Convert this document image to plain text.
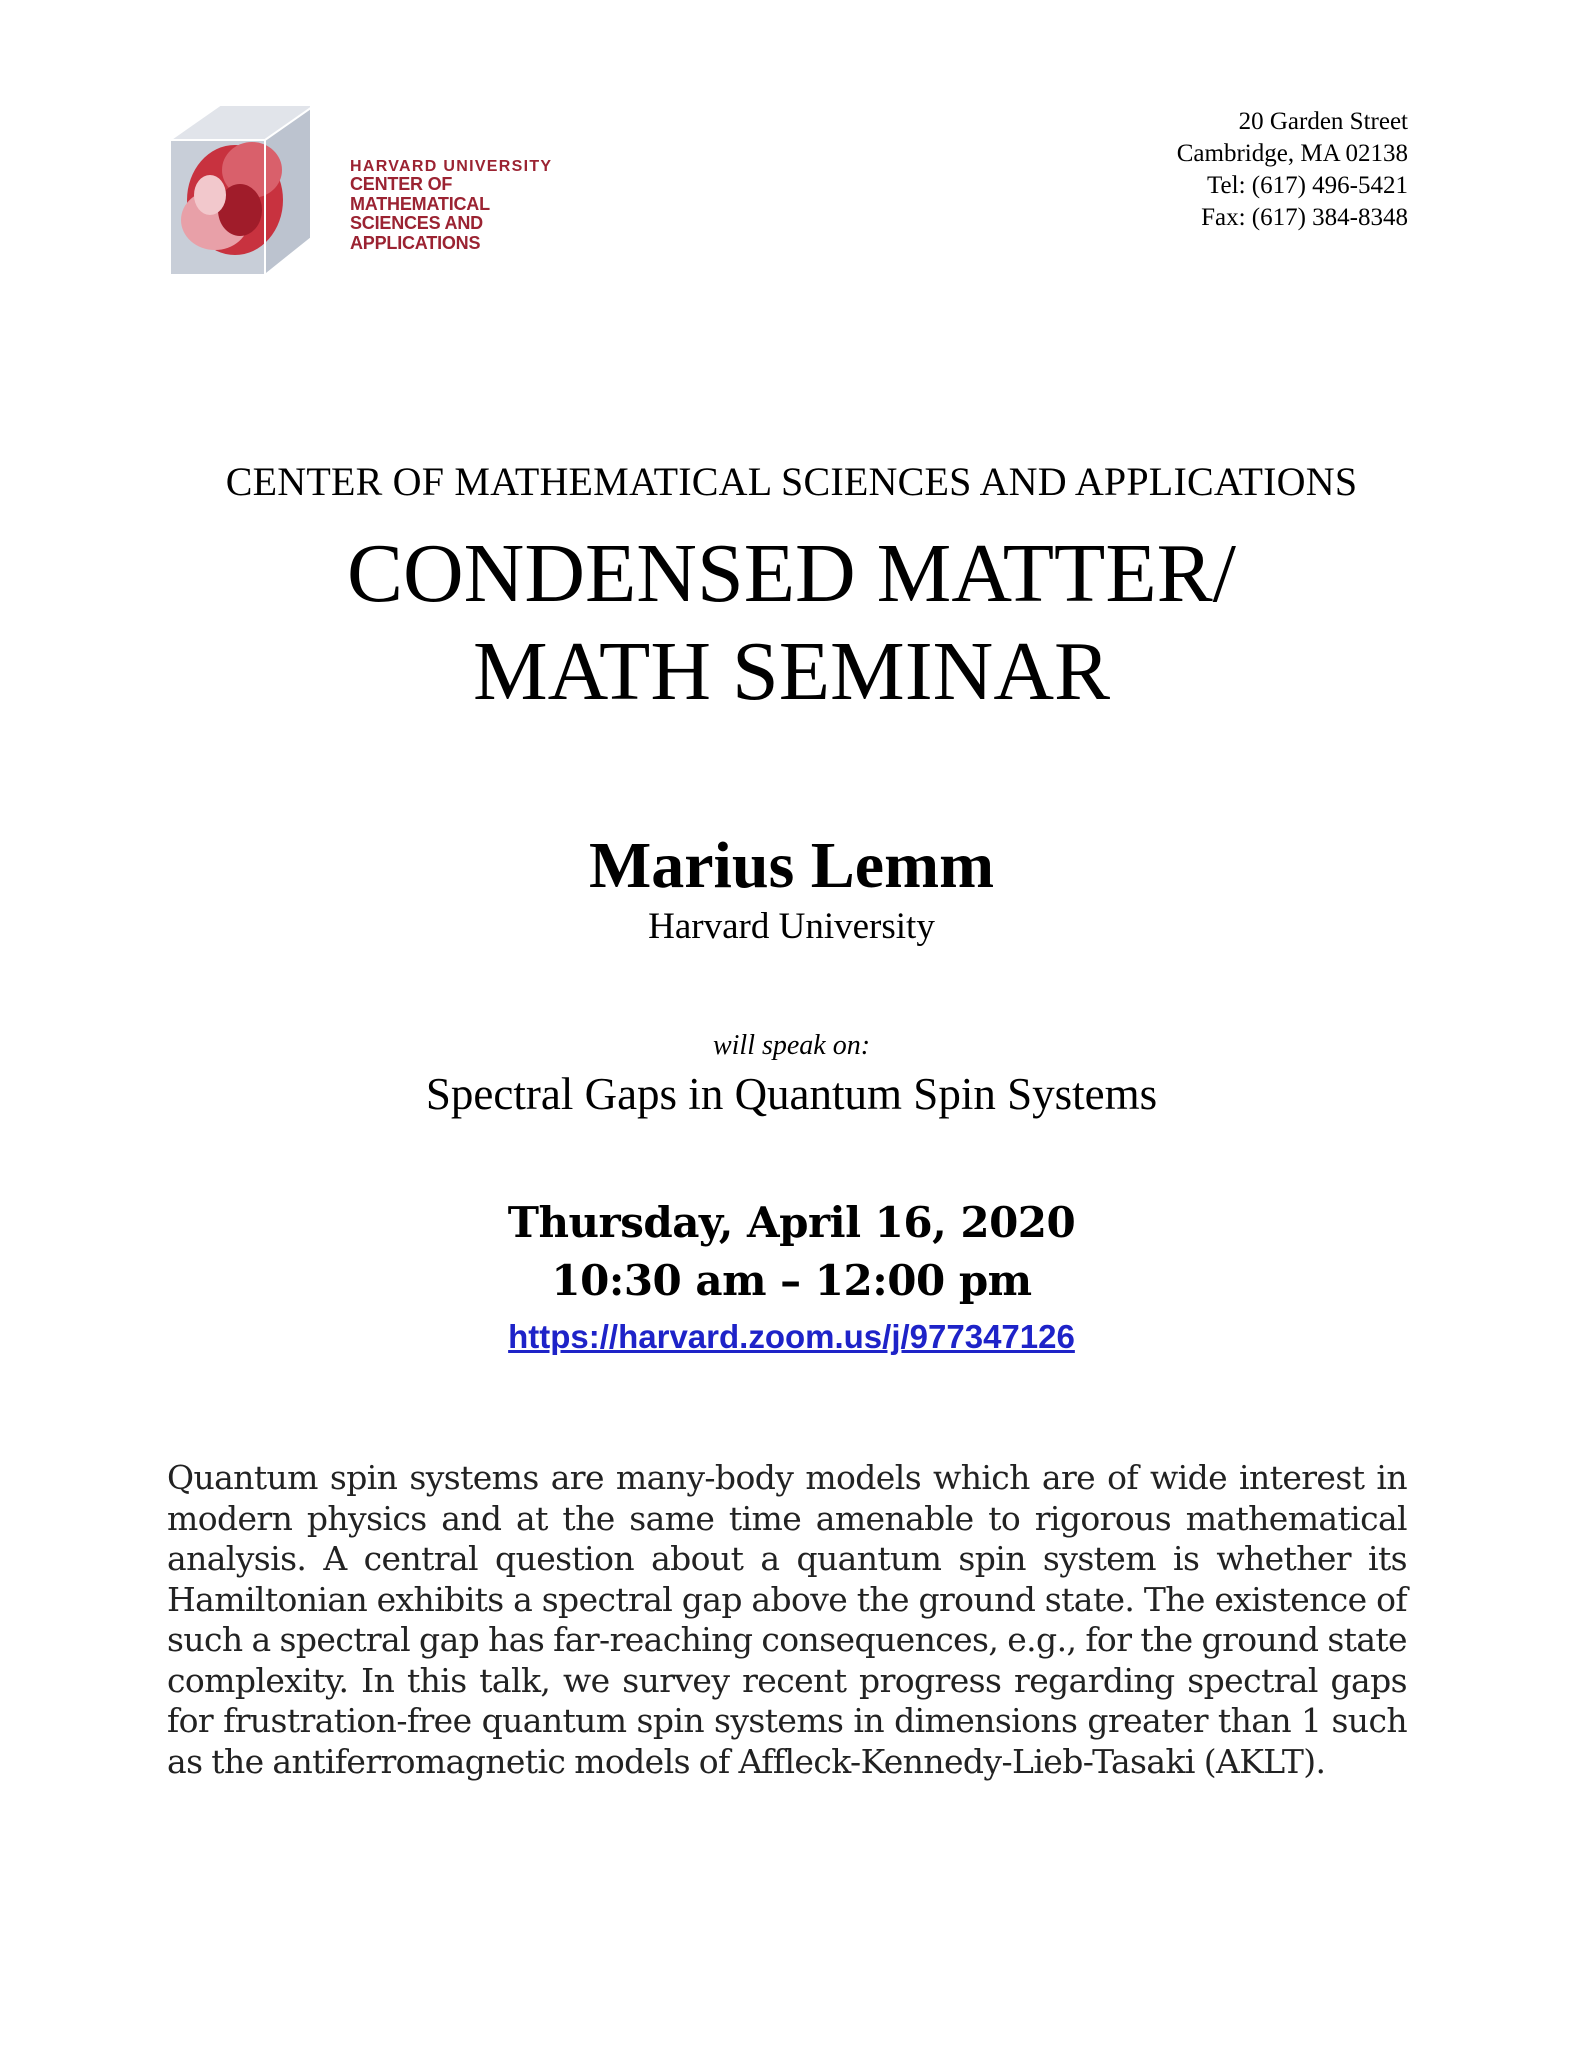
HARVARD UNIVERSITY
CENTER OF MATHEMATICAL
SCIENCES AND APPLICATIONS
20 Garden Street
Cambridge, MA 02138
Tel: (617) 496-5421
Fax: (617) 384-8348
CENTER OF MATHEMATICAL SCIENCES AND APPLICATIONS
CONDENSED MATTER/
MATH SEMINAR
Marius Lemm
Harvard University
will speak on:
Spectral Gaps in Quantum Spin Systems
Thursday, April 16, 2020
10:30 am – 12:00 pm
https://harvard.zoom.us/j/977347126
Quantum spin systems are many-body models which are of wide interest in modern physics and at the same time amenable to rigorous mathematical analysis. A central question about a quantum spin system is whether its Hamiltonian exhibits a spectral gap above the ground state. The existence of such a spectral gap has far-reaching consequences, e.g., for the ground state complexity. In this talk, we survey recent progress regarding spectral gaps for frustration-free quantum spin systems in dimensions greater than 1 such as the antiferromagnetic models of Affleck-Kennedy-Lieb-Tasaki (AKLT).
